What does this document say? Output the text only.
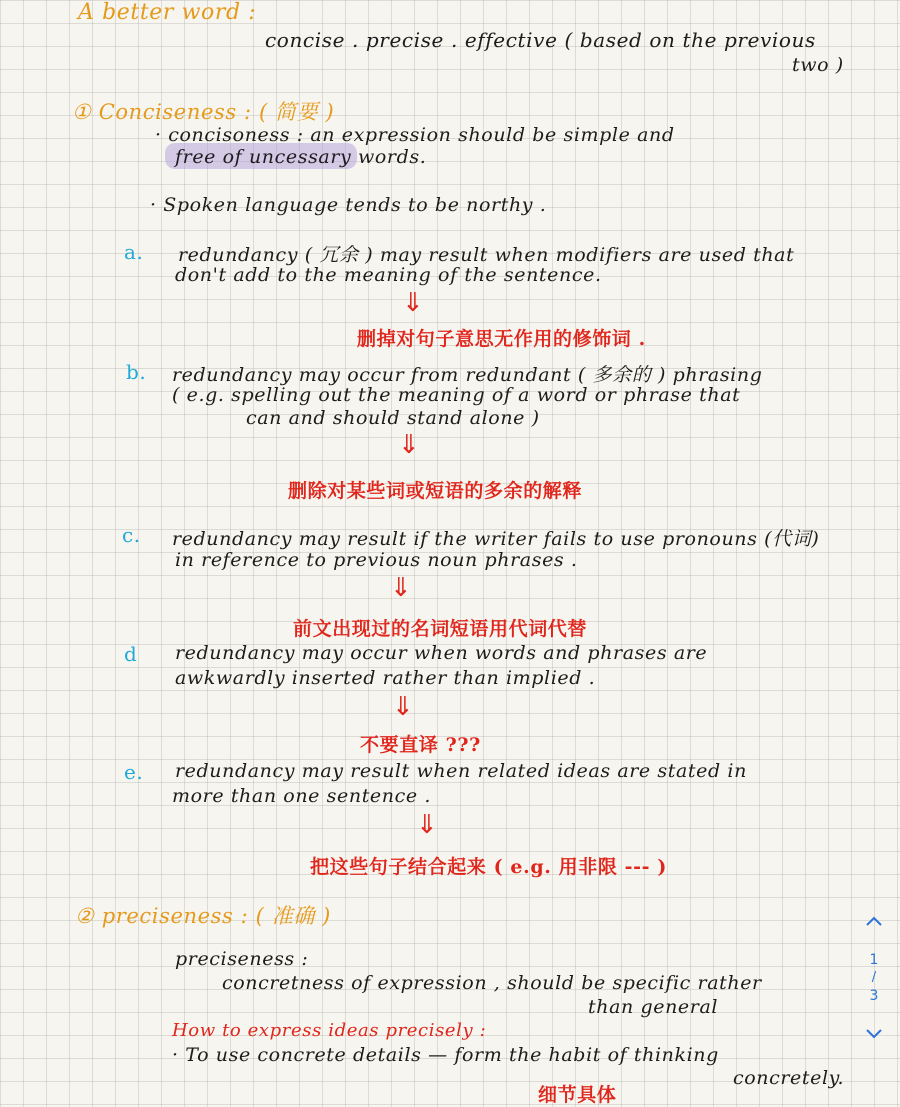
A better word :
concise . precise . effective ( based on the previous
two )
① Conciseness : ( 简要 )
· concisoness : an expression should be simple and
free of uncessary words.
· Spoken language tends to be northy .
a. redundancy ( 冗余 ) may result when modifiers are used that
don't add to the meaning of the sentence.
⇓
删掉对句子意思无作用的修饰词 .
b. redundancy may occur from redundant ( 多余的 ) phrasing
( e.g. spelling out the meaning of a word or phrase that
can and should stand alone )
⇓
删除对某些词或短语的多余的解释
c. redundancy may result if the writer fails to use pronouns (代词)
in reference to previous noun phrases .
⇓
前文出现过的名词短语用代词代替
d redundancy may occur when words and phrases are
awkwardly inserted rather than implied .
⇓
不要直译 ???
e. redundancy may result when related ideas are stated in
more than one sentence .
⇓
把这些句子结合起来 ( e.g. 用非限 --- )
② preciseness : ( 准确 )
preciseness :
concretness of expression , should be specific rather
than general
How to express ideas precisely :
· To use concrete details — form the habit of thinking
concretely.
细节具体
1
/
3
